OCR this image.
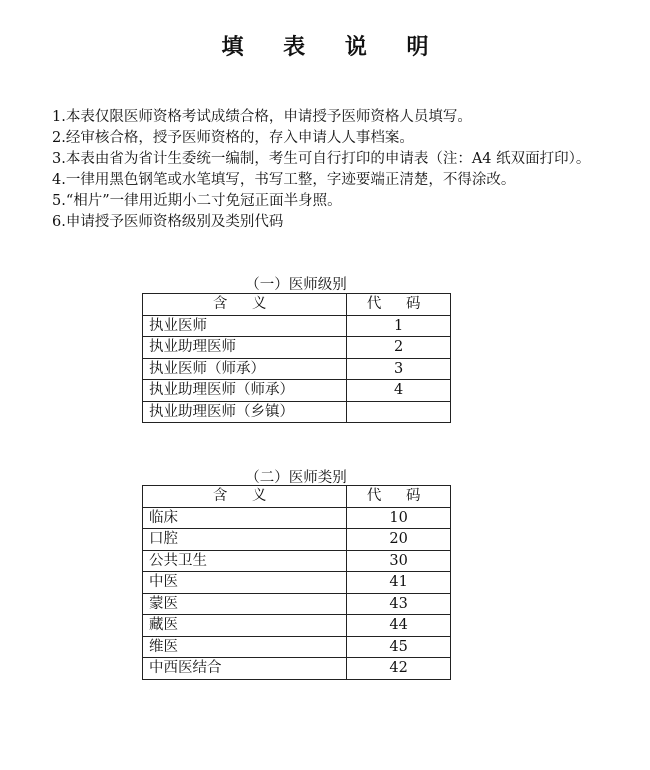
填 表 说 明
1.本表仅限医师资格考试成绩合格，申请授予医师资格人员填写。
2.经审核合格，授予医师资格的，存入申请人人事档案。
3.本表由省为省计生委统一编制，考生可自行打印的申请表（注：A4 纸双面打印）。
4.一律用黑色钢笔或水笔填写，书写工整，字迹要端正清楚，不得涂改。
5.“相片”一律用近期小二寸免冠正面半身照。
6.申请授予医师资格级别及类别代码
（一）医师级别
含 义	代 码
执业医师	1
执业助理医师	2
执业医师（师承）	3
执业助理医师（师承）	4
执业助理医师（乡镇）	
（二）医师类别
含 义	代 码
临床	10
口腔	20
公共卫生	30
中医	41
蒙医	43
藏医	44
维医	45
中西医结合	42
